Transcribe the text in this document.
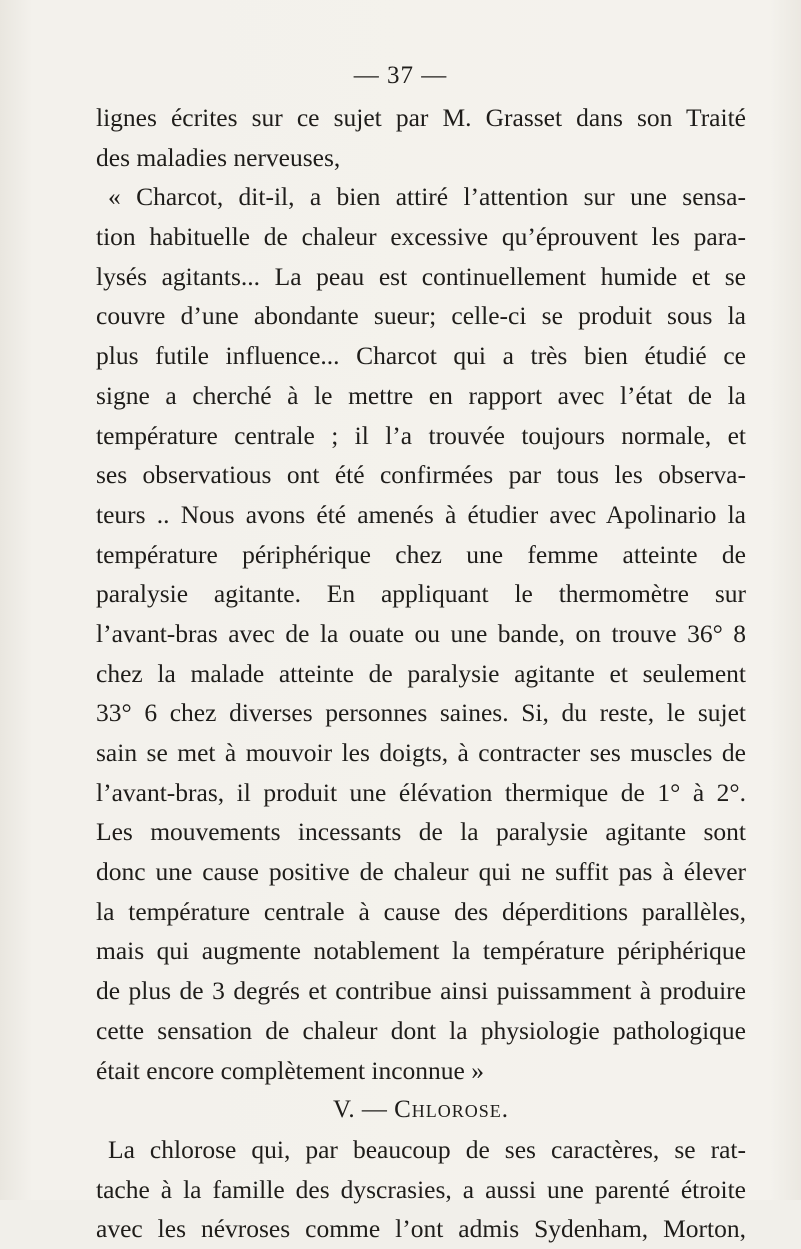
— 37 —
lignes écrites sur ce sujet par M. Grasset dans son Traité
des maladies nerveuses,
« Charcot, dit-il, a bien attiré l’attention sur une sensa-
tion habituelle de chaleur excessive qu’éprouvent les para-
lysés agitants... La peau est continuellement humide et se
couvre d’une abondante sueur; celle-ci se produit sous la
plus futile influence... Charcot qui a très bien étudié ce
signe a cherché à le mettre en rapport avec l’état de la
température centrale ; il l’a trouvée toujours normale, et
ses observatious ont été confirmées par tous les observa-
teurs .. Nous avons été amenés à étudier avec Apolinario la
température périphérique chez une femme atteinte de
paralysie agitante. En appliquant le thermomètre sur
l’avant-bras avec de la ouate ou une bande, on trouve 36° 8
chez la malade atteinte de paralysie agitante et seulement
33° 6 chez diverses personnes saines. Si, du reste, le sujet
sain se met à mouvoir les doigts, à contracter ses muscles de
l’avant-bras, il produit une élévation thermique de 1° à 2°.
Les mouvements incessants de la paralysie agitante sont
donc une cause positive de chaleur qui ne suffit pas à élever
la température centrale à cause des déperditions parallèles,
mais qui augmente notablement la température périphérique
de plus de 3 degrés et contribue ainsi puissamment à produire
cette sensation de chaleur dont la physiologie pathologique
était encore complètement inconnue »
V. — Chlorose.
La chlorose qui, par beaucoup de ses caractères, se rat-
tache à la famille des dyscrasies, a aussi une parenté étroite
avec les névroses comme l’ont admis Sydenham, Morton,
